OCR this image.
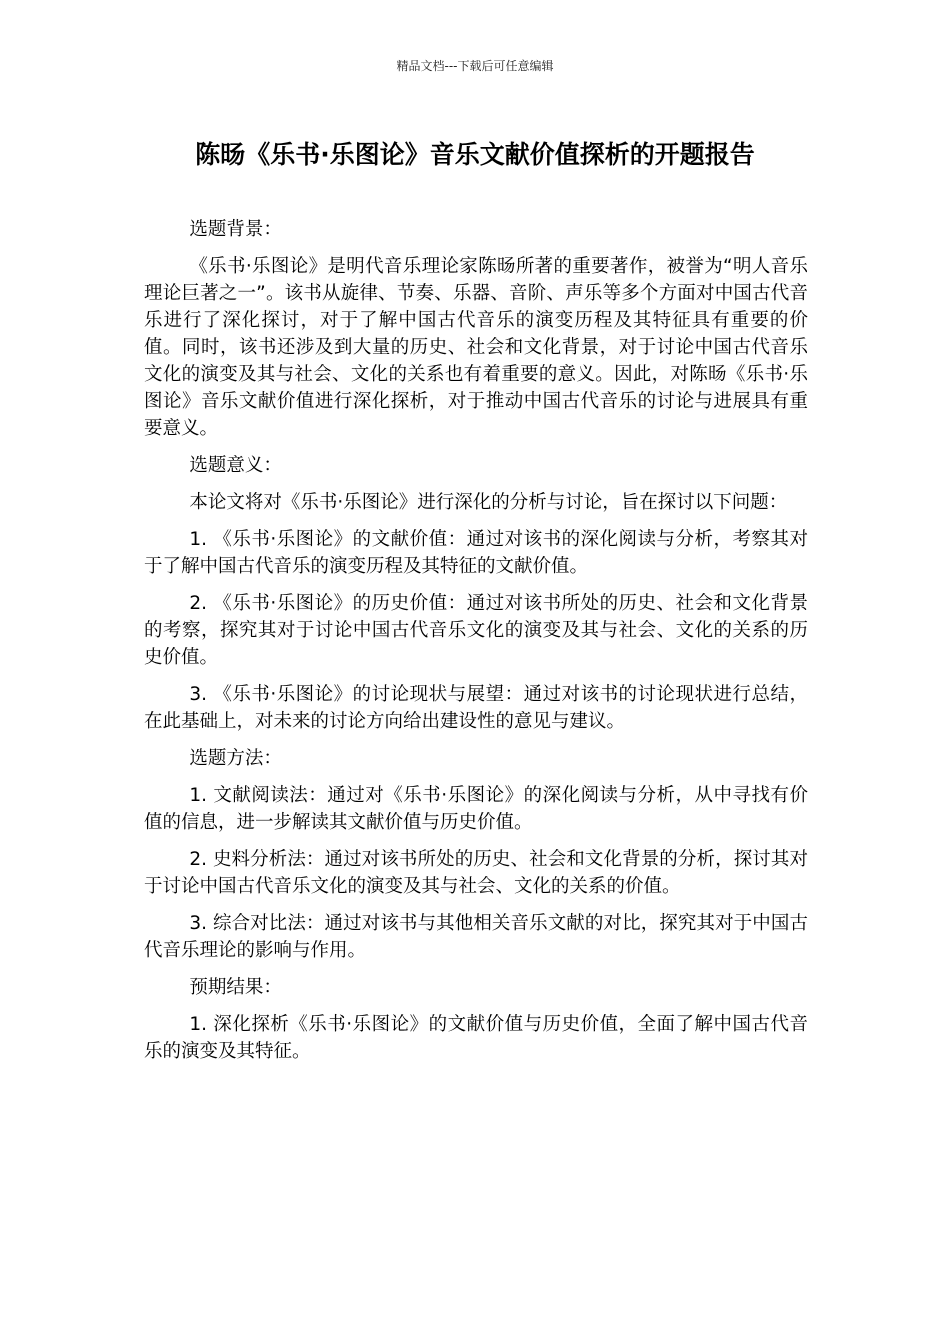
精品文档---下载后可任意编辑
陈旸《乐书·乐图论》音乐文献价值探析的开题报告

选题背景：

《乐书·乐图论》是明代音乐理论家陈旸所著的重要著作，被誉为“明人音乐理论巨著之一”。该书从旋律、节奏、乐器、音阶、声乐等多个方面对中国古代音乐进行了深化探讨，对于了解中国古代音乐的演变历程及其特征具有重要的价值。同时，该书还涉及到大量的历史、社会和文化背景，对于讨论中国古代音乐文化的演变及其与社会、文化的关系也有着重要的意义。因此，对陈旸《乐书·乐图论》音乐文献价值进行深化探析，对于推动中国古代音乐的讨论与进展具有重要意义。

选题意义：

本论文将对《乐书·乐图论》进行深化的分析与讨论，旨在探讨以下问题：

1. 《乐书·乐图论》的文献价值：通过对该书的深化阅读与分析，考察其对于了解中国古代音乐的演变历程及其特征的文献价值。

2. 《乐书·乐图论》的历史价值：通过对该书所处的历史、社会和文化背景的考察，探究其对于讨论中国古代音乐文化的演变及其与社会、文化的关系的历史价值。

3. 《乐书·乐图论》的讨论现状与展望：通过对该书的讨论现状进行总结，在此基础上，对未来的讨论方向给出建设性的意见与建议。

选题方法：

1. 文献阅读法：通过对《乐书·乐图论》的深化阅读与分析，从中寻找有价值的信息，进一步解读其文献价值与历史价值。

2. 史料分析法：通过对该书所处的历史、社会和文化背景的分析，探讨其对于讨论中国古代音乐文化的演变及其与社会、文化的关系的价值。

3. 综合对比法：通过对该书与其他相关音乐文献的对比，探究其对于中国古代音乐理论的影响与作用。

预期结果：

1. 深化探析《乐书·乐图论》的文献价值与历史价值，全面了解中国古代音乐的演变及其特征。
